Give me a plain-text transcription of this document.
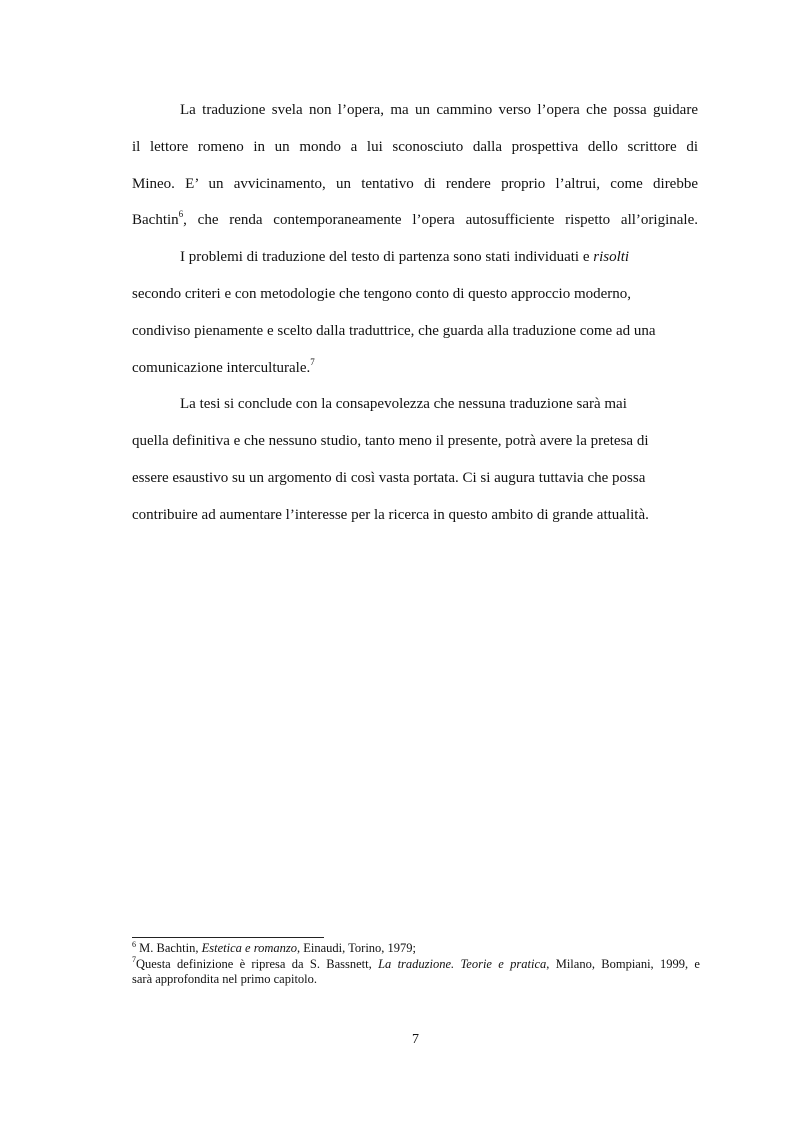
La traduzione svela non l’opera, ma un cammino verso l’opera che possa guidare
il lettore romeno in un mondo a lui sconosciuto dalla prospettiva dello scrittore di
Mineo. E’ un avvicinamento, un tentativo di rendere proprio l’altrui, come direbbe
Bachtin$^6$, che renda contemporaneamente l’opera autosufficiente rispetto all’originale.

I problemi di traduzione del testo di partenza sono stati individuati e risolti
secondo criteri e con metodologie che tengono conto di questo approccio moderno,
condiviso pienamente e scelto dalla traduttrice, che guarda alla traduzione come ad una
comunicazione interculturale.$^7$

La tesi si conclude con la consapevolezza che nessuna traduzione sarà mai
quella definitiva e che nessuno studio, tanto meno il presente, potrà avere la pretesa di
essere esaustivo su un argomento di così vasta portata. Ci si augura tuttavia che possa
contribuire ad aumentare l’interesse per la ricerca in questo ambito di grande attualità.

$^6$ M. Bachtin, Estetica e romanzo, Einaudi, Torino, 1979;

$^7$Questa definizione è ripresa da S. Bassnett, La traduzione. Teorie e pratica, Milano, Bompiani, 1999, e

sarà approfondita nel primo capitolo.

7
